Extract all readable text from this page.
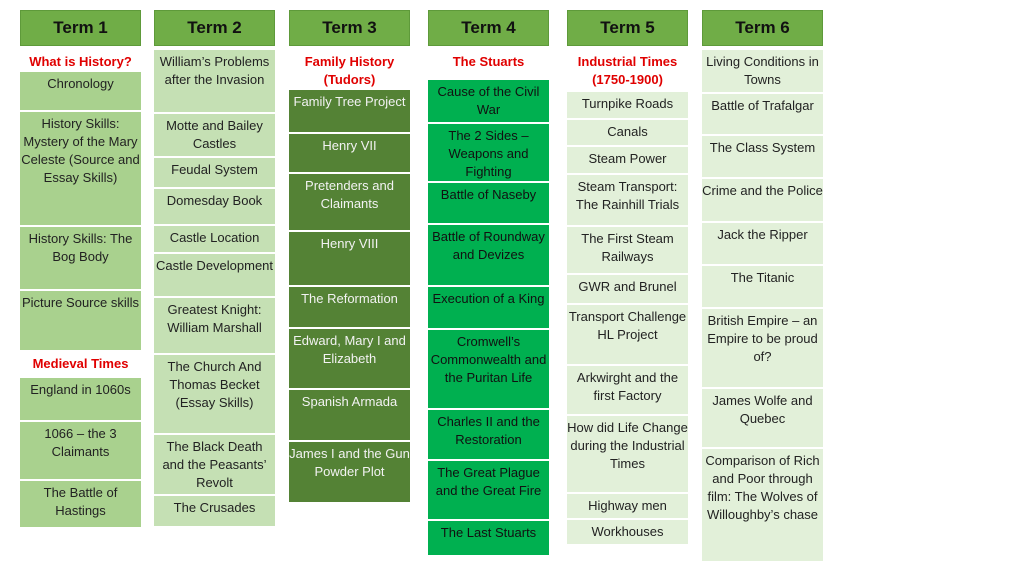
Term 1
What is History?
Chronology
History Skills: Mystery of the Mary Celeste (Source and Essay Skills)
History Skills: The Bog Body
Picture Source skills
Medieval Times
England in 1060s
1066 – the 3 Claimants
The Battle of Hastings
Term 2
William’s Problems after the Invasion
Motte and Bailey Castles
Feudal System
Domesday Book
Castle Location
Castle Development
Greatest Knight: William Marshall
The Church And Thomas Becket (Essay Skills)
The Black Death and the Peasants’ Revolt
The Crusades
Term 3
Family History (Tudors)
Family Tree Project
Henry VII
Pretenders and Claimants
Henry VIII
The Reformation
Edward, Mary I and Elizabeth
Spanish Armada
James I and the Gun Powder Plot
Term 4
The Stuarts
Cause of the Civil War
The 2 Sides – Weapons and Fighting
Battle of Naseby
Battle of Roundway and Devizes
Execution of a King
Cromwell’s Commonwealth and the Puritan Life
Charles II and the Restoration
The Great Plague and the Great Fire
The Last Stuarts
Term 5
Industrial Times (1750-1900)
Turnpike Roads
Canals
Steam Power
Steam Transport: The Rainhill Trials
The First Steam Railways
GWR and Brunel
Transport Challenge HL Project
Arkwirght and the first Factory
How did Life Change during the Industrial Times
Highway men
Workhouses
Term 6
Living Conditions in Towns
Battle of Trafalgar
The Class System
Crime and the Police
Jack the Ripper
The Titanic
British Empire – an Empire to be proud of?
James Wolfe and Quebec
Comparison of Rich and Poor through film: The Wolves of Willoughby’s chase
